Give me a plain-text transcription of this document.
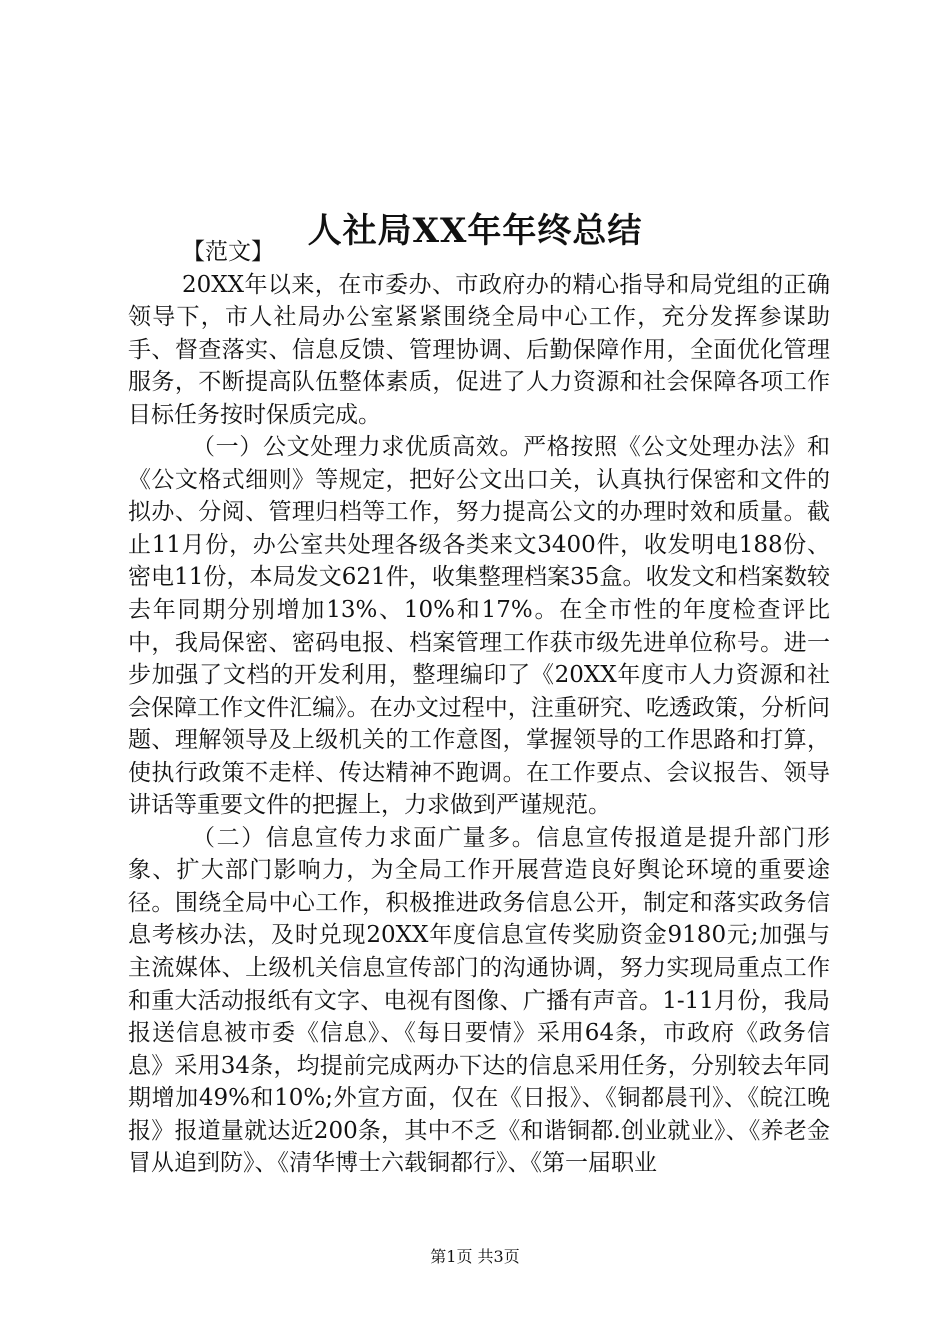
人社局XX年年终总结

【范文】

20XX年以来，在市委办、市政府办的精心指导和局党组的正确领导下，市人社局办公室紧紧围绕全局中心工作，充分发挥参谋助手、督查落实、信息反馈、管理协调、后勤保障作用，全面优化管理服务，不断提高队伍整体素质，促进了人力资源和社会保障各项工作目标任务按时保质完成。

（一）公文处理力求优质高效。严格按照《公文处理办法》和《公文格式细则》等规定，把好公文出口关，认真执行保密和文件的拟办、分阅、管理归档等工作，努力提高公文的办理时效和质量。截止11月份，办公室共处理各级各类来文3400件，收发明电188份、密电11份，本局发文621件，收集整理档案35盒。收发文和档案数较去年同期分别增加13%、10%和17%。在全市性的年度检查评比中，我局保密、密码电报、档案管理工作获市级先进单位称号。进一步加强了文档的开发利用，整理编印了《20XX年度市人力资源和社会保障工作文件汇编》。在办文过程中，注重研究、吃透政策，分析问题、理解领导及上级机关的工作意图，掌握领导的工作思路和打算，使执行政策不走样、传达精神不跑调。在工作要点、会议报告、领导讲话等重要文件的把握上，力求做到严谨规范。

（二）信息宣传力求面广量多。信息宣传报道是提升部门形象、扩大部门影响力，为全局工作开展营造良好舆论环境的重要途径。围绕全局中心工作，积极推进政务信息公开，制定和落实政务信息考核办法，及时兑现20XX年度信息宣传奖励资金9180元;加强与主流媒体、上级机关信息宣传部门的沟通协调，努力实现局重点工作和重大活动报纸有文字、电视有图像、广播有声音。1-11月份，我局报送信息被市委《信息》、《每日要情》采用64条，市政府《政务信息》采用34条，均提前完成两办下达的信息采用任务，分别较去年同期增加49%和10%;外宣方面，仅在《日报》、《铜都晨刊》、《皖江晚报》报道量就达近200条，其中不乏《和谐铜都.创业就业》、《养老金冒从追到防》、《清华博士六载铜都行》、《第一届职业

第1页 共3页
